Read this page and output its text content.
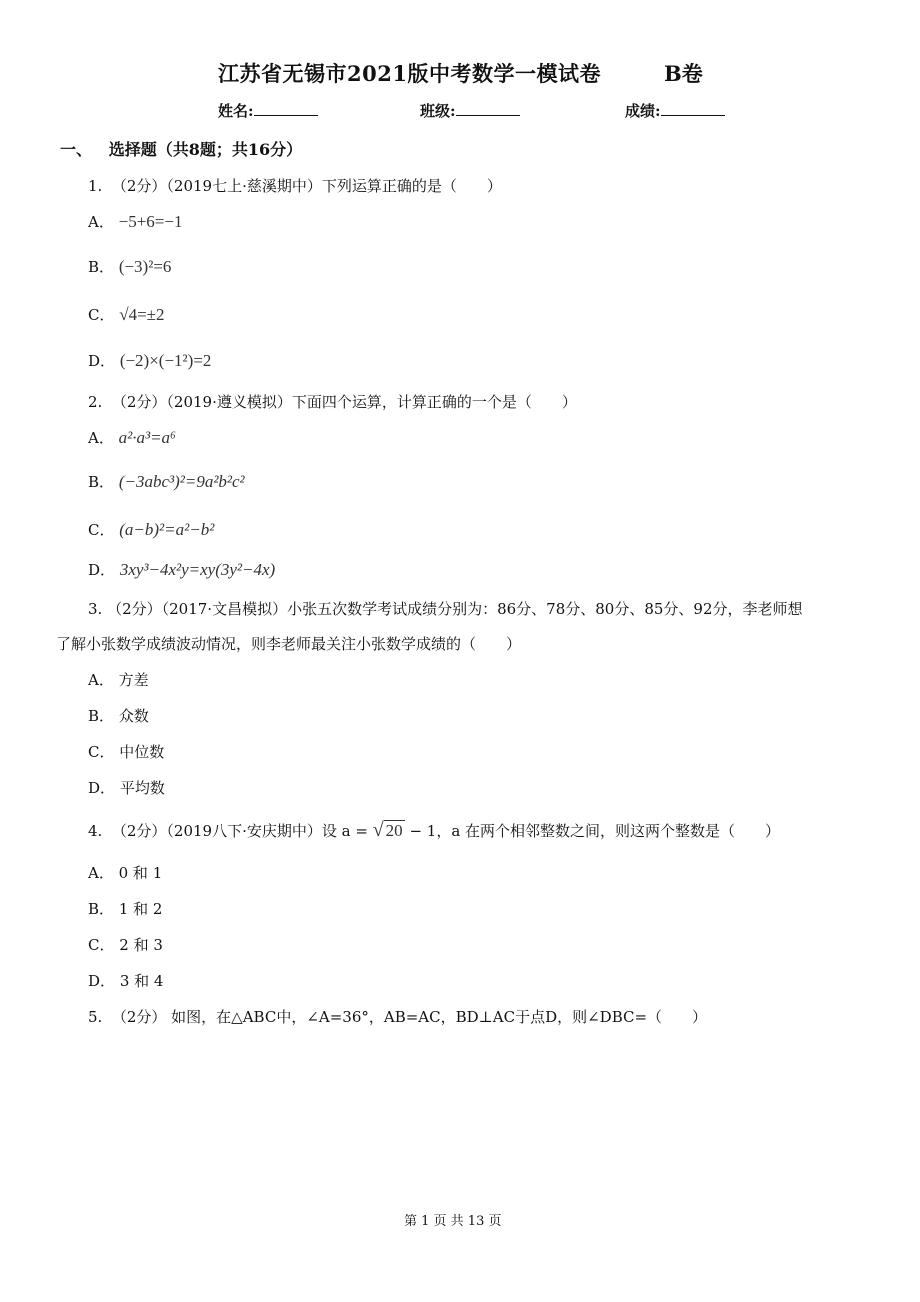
江苏省无锡市2021版中考数学一模试卷	B卷
姓名:	班级:	成绩:
一、 选择题（共8题；共16分）
1. （2分）（2019七上·慈溪期中）下列运算正确的是（　　）
A． −5+6=−1
B． (−3)²=6
C． √4=±2
D． (−2)×(−1²)=2
2. （2分）（2019·遵义模拟）下面四个运算，计算正确的一个是（　　）
A． a²·a³=a⁶
B． (−3abc³)²=9a²b²c²
C． (a−b)²=a²−b²
D． 3xy³−4x²y=xy(3y²−4x)
3. （2分）（2017·文昌模拟）小张五次数学考试成绩分别为：86分、78分、80分、85分、92分，李老师想
了解小张数学成绩波动情况，则李老师最关注小张数学成绩的（　　）
A． 方差
B． 众数
C． 中位数
D． 平均数
4. （2分）（2019八下·安庆期中）设 a = √ 20 − 1，a 在两个相邻整数之间，则这两个整数是（　　）
A． 0 和 1
B． 1 和 2
C． 2 和 3
D． 3 和 4
5. （2分） 如图，在△ABC中，∠A=36°，AB=AC，BD⊥AC于点D，则∠DBC=（　　）
第 1 页 共 13 页
